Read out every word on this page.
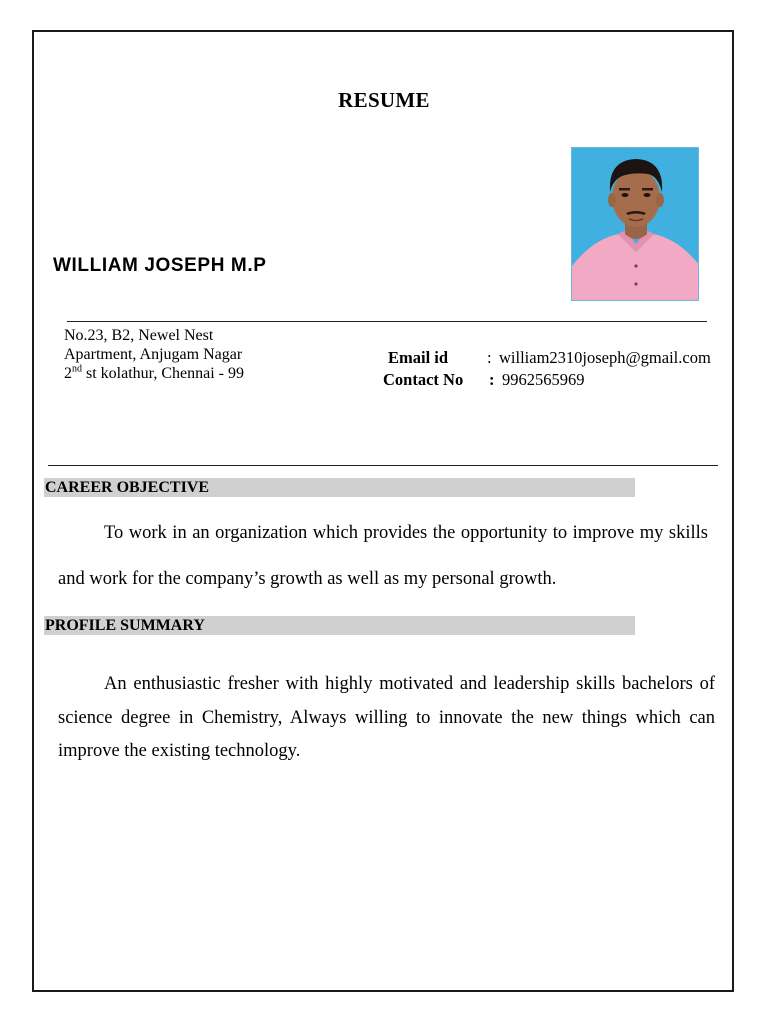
RESUME
WILLIAM JOSEPH M.P
No.23, B2, Newel Nest
Apartment, Anjugam Nagar
2nd st kolathur, Chennai - 99
Email id : william2310joseph@gmail.com
Contact No : 9962565969
CAREER OBJECTIVE
To work in an organization which provides the opportunity to improve my skills and work for the company’s growth as well as my personal growth.
PROFILE SUMMARY
An enthusiastic fresher with highly motivated and leadership skills bachelors of science degree in Chemistry, Always willing to innovate the new things which can improve the existing technology.
